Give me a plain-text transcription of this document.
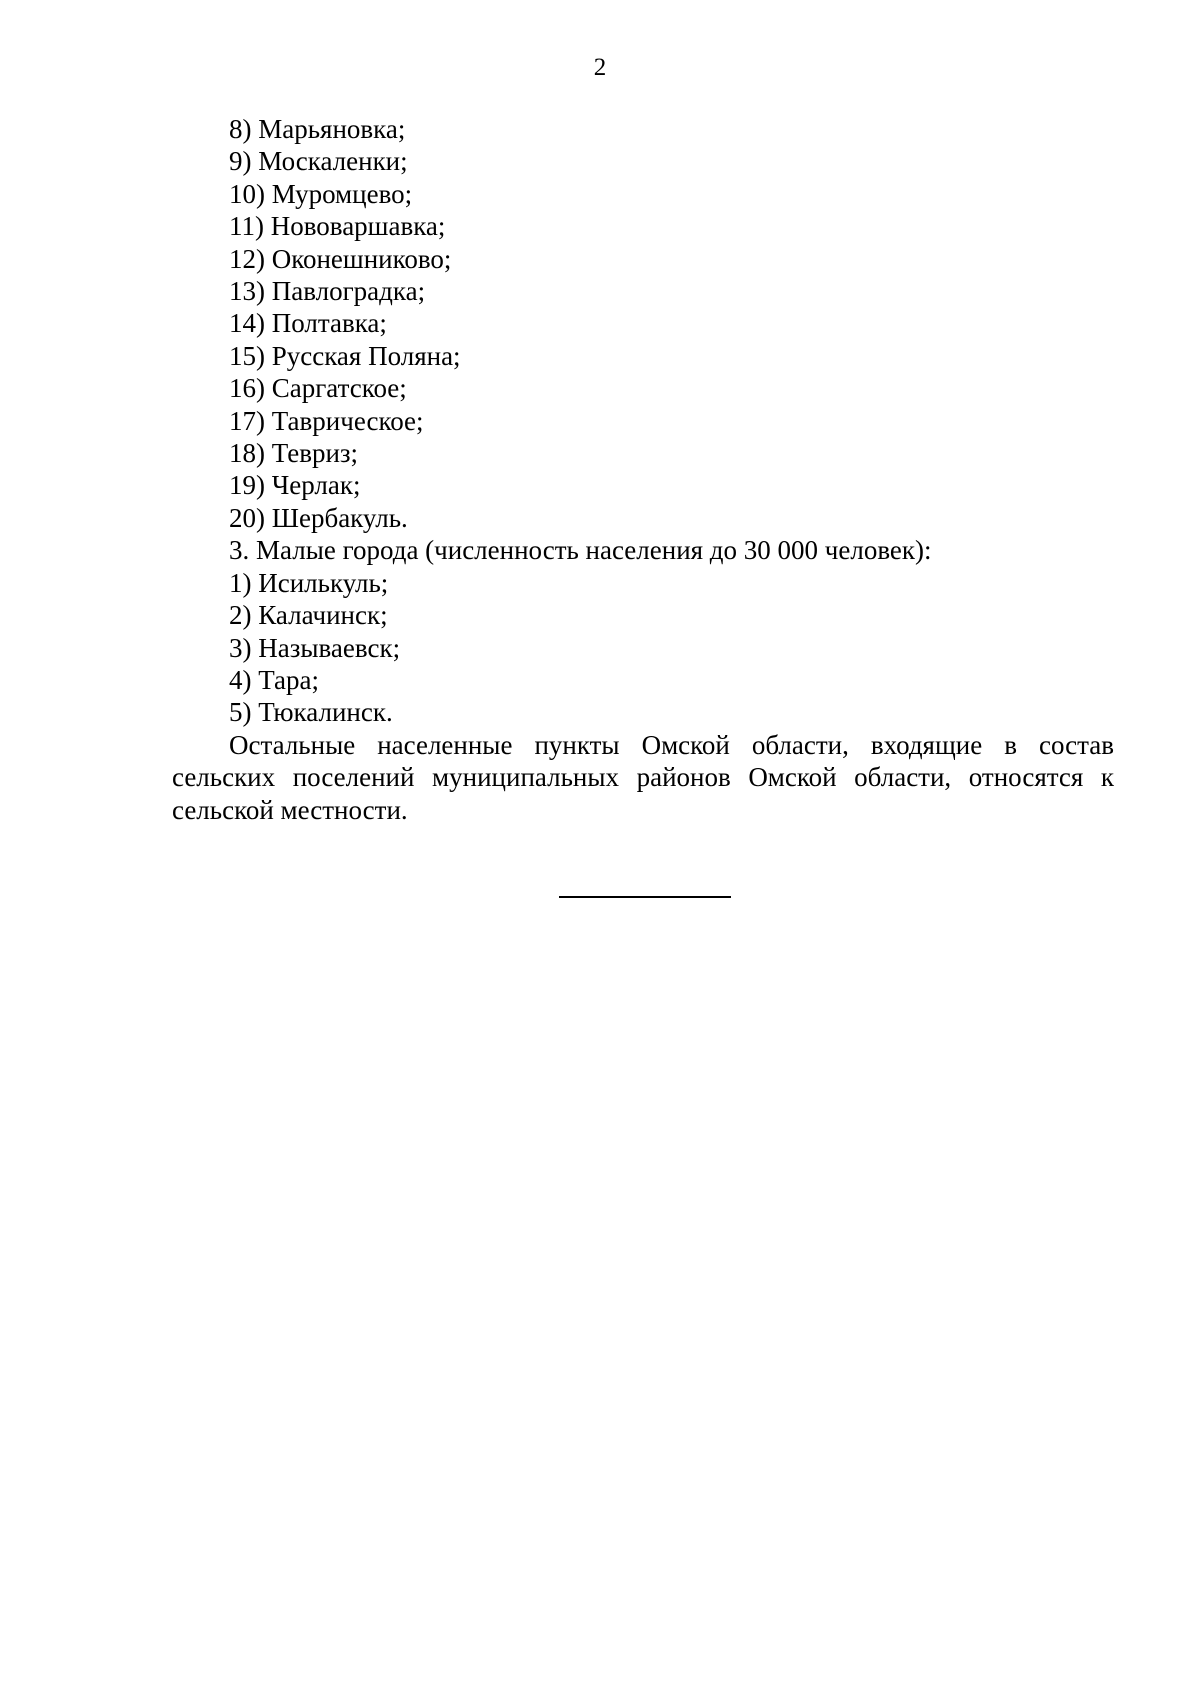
2
8) Марьяновка;
9) Москаленки;
10) Муромцево;
11) Нововаршавка;
12) Оконешниково;
13) Павлоградка;
14) Полтавка;
15) Русская Поляна;
16) Саргатское;
17) Таврическое;
18) Тевриз;
19) Черлак;
20) Шербакуль.
3. Малые города (численность населения до 30 000 человек):
1) Исилькуль;
2) Калачинск;
3) Называевск;
4) Тара;
5) Тюкалинск.

Остальные населенные пункты Омской области, входящие в состав сельских поселений муниципальных районов Омской области, относятся к сельской местности.
